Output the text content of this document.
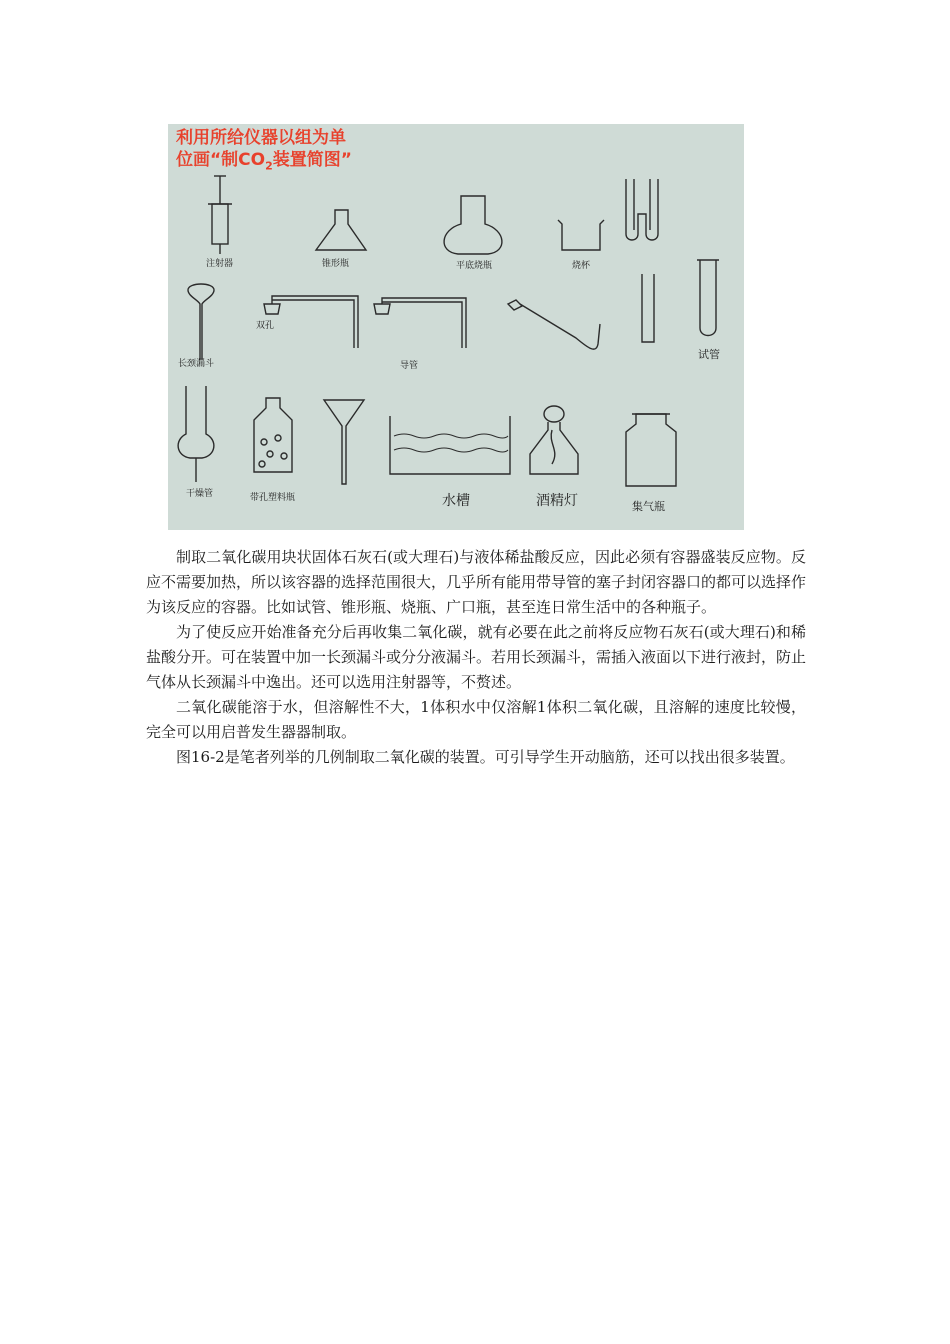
利用所给仪器以组为单
位画“制$CO_2$装置简图”
注射器	锥形瓶	平底烧瓶	烧杯
双孔
长颈漏斗	导管
试管
干燥管	带孔塑料瓶	水槽	酒精灯	集气瓶

制取二氧化碳用块状固体石灰石(或大理石)与液体稀盐酸反应，因此必须有容器盛装反应物。反应不需要加热，所以该容器的选择范围很大，几乎所有能用带导管的塞子封闭容器口的都可以选择作为该反应的容器。比如试管、锥形瓶、烧瓶、广口瓶，甚至连日常生活中的各种瓶子。

为了使反应开始准备充分后再收集二氧化碳，就有必要在此之前将反应物石灰石(或大理石)和稀盐酸分开。可在装置中加一长颈漏斗或分分液漏斗。若用长颈漏斗，需插入液面以下进行液封，防止气体从长颈漏斗中逸出。还可以选用注射器等，不赘述。

二氧化碳能溶于水，但溶解性不大，1体积水中仅溶解1体积二氧化碳，且溶解的速度比较慢，完全可以用启普发生器器制取。

图16-2是笔者列举的几例制取二氧化碳的装置。可引导学生开动脑筋，还可以找出很多装置。
